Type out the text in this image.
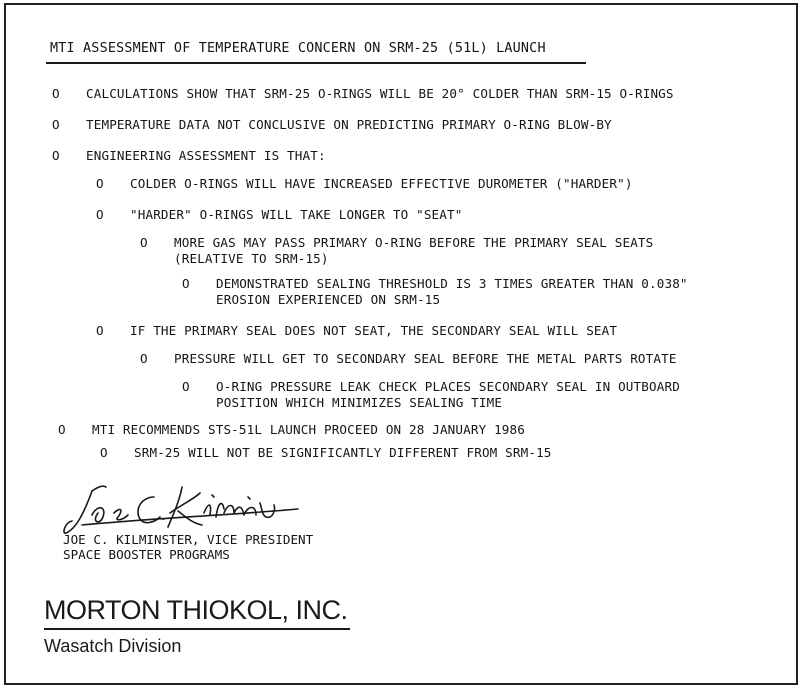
MTI ASSESSMENT OF TEMPERATURE CONCERN ON SRM-25 (51L) LAUNCH
O CALCULATIONS SHOW THAT SRM-25 O-RINGS WILL BE 20° COLDER THAN SRM-15 O-RINGS
O TEMPERATURE DATA NOT CONCLUSIVE ON PREDICTING PRIMARY O-RING BLOW-BY
O ENGINEERING ASSESSMENT IS THAT:
O COLDER O-RINGS WILL HAVE INCREASED EFFECTIVE DUROMETER ("HARDER")
O "HARDER" O-RINGS WILL TAKE LONGER TO "SEAT"
O MORE GAS MAY PASS PRIMARY O-RING BEFORE THE PRIMARY SEAL SEATS
(RELATIVE TO SRM-15)
O DEMONSTRATED SEALING THRESHOLD IS 3 TIMES GREATER THAN 0.038"
EROSION EXPERIENCED ON SRM-15
O IF THE PRIMARY SEAL DOES NOT SEAT, THE SECONDARY SEAL WILL SEAT
O PRESSURE WILL GET TO SECONDARY SEAL BEFORE THE METAL PARTS ROTATE
O O-RING PRESSURE LEAK CHECK PLACES SECONDARY SEAL IN OUTBOARD
POSITION WHICH MINIMIZES SEALING TIME
O MTI RECOMMENDS STS-51L LAUNCH PROCEED ON 28 JANUARY 1986
O SRM-25 WILL NOT BE SIGNIFICANTLY DIFFERENT FROM SRM-15
JOE C. KILMINSTER, VICE PRESIDENT
SPACE BOOSTER PROGRAMS
MORTON THIOKOL, INC.
Wasatch Division
